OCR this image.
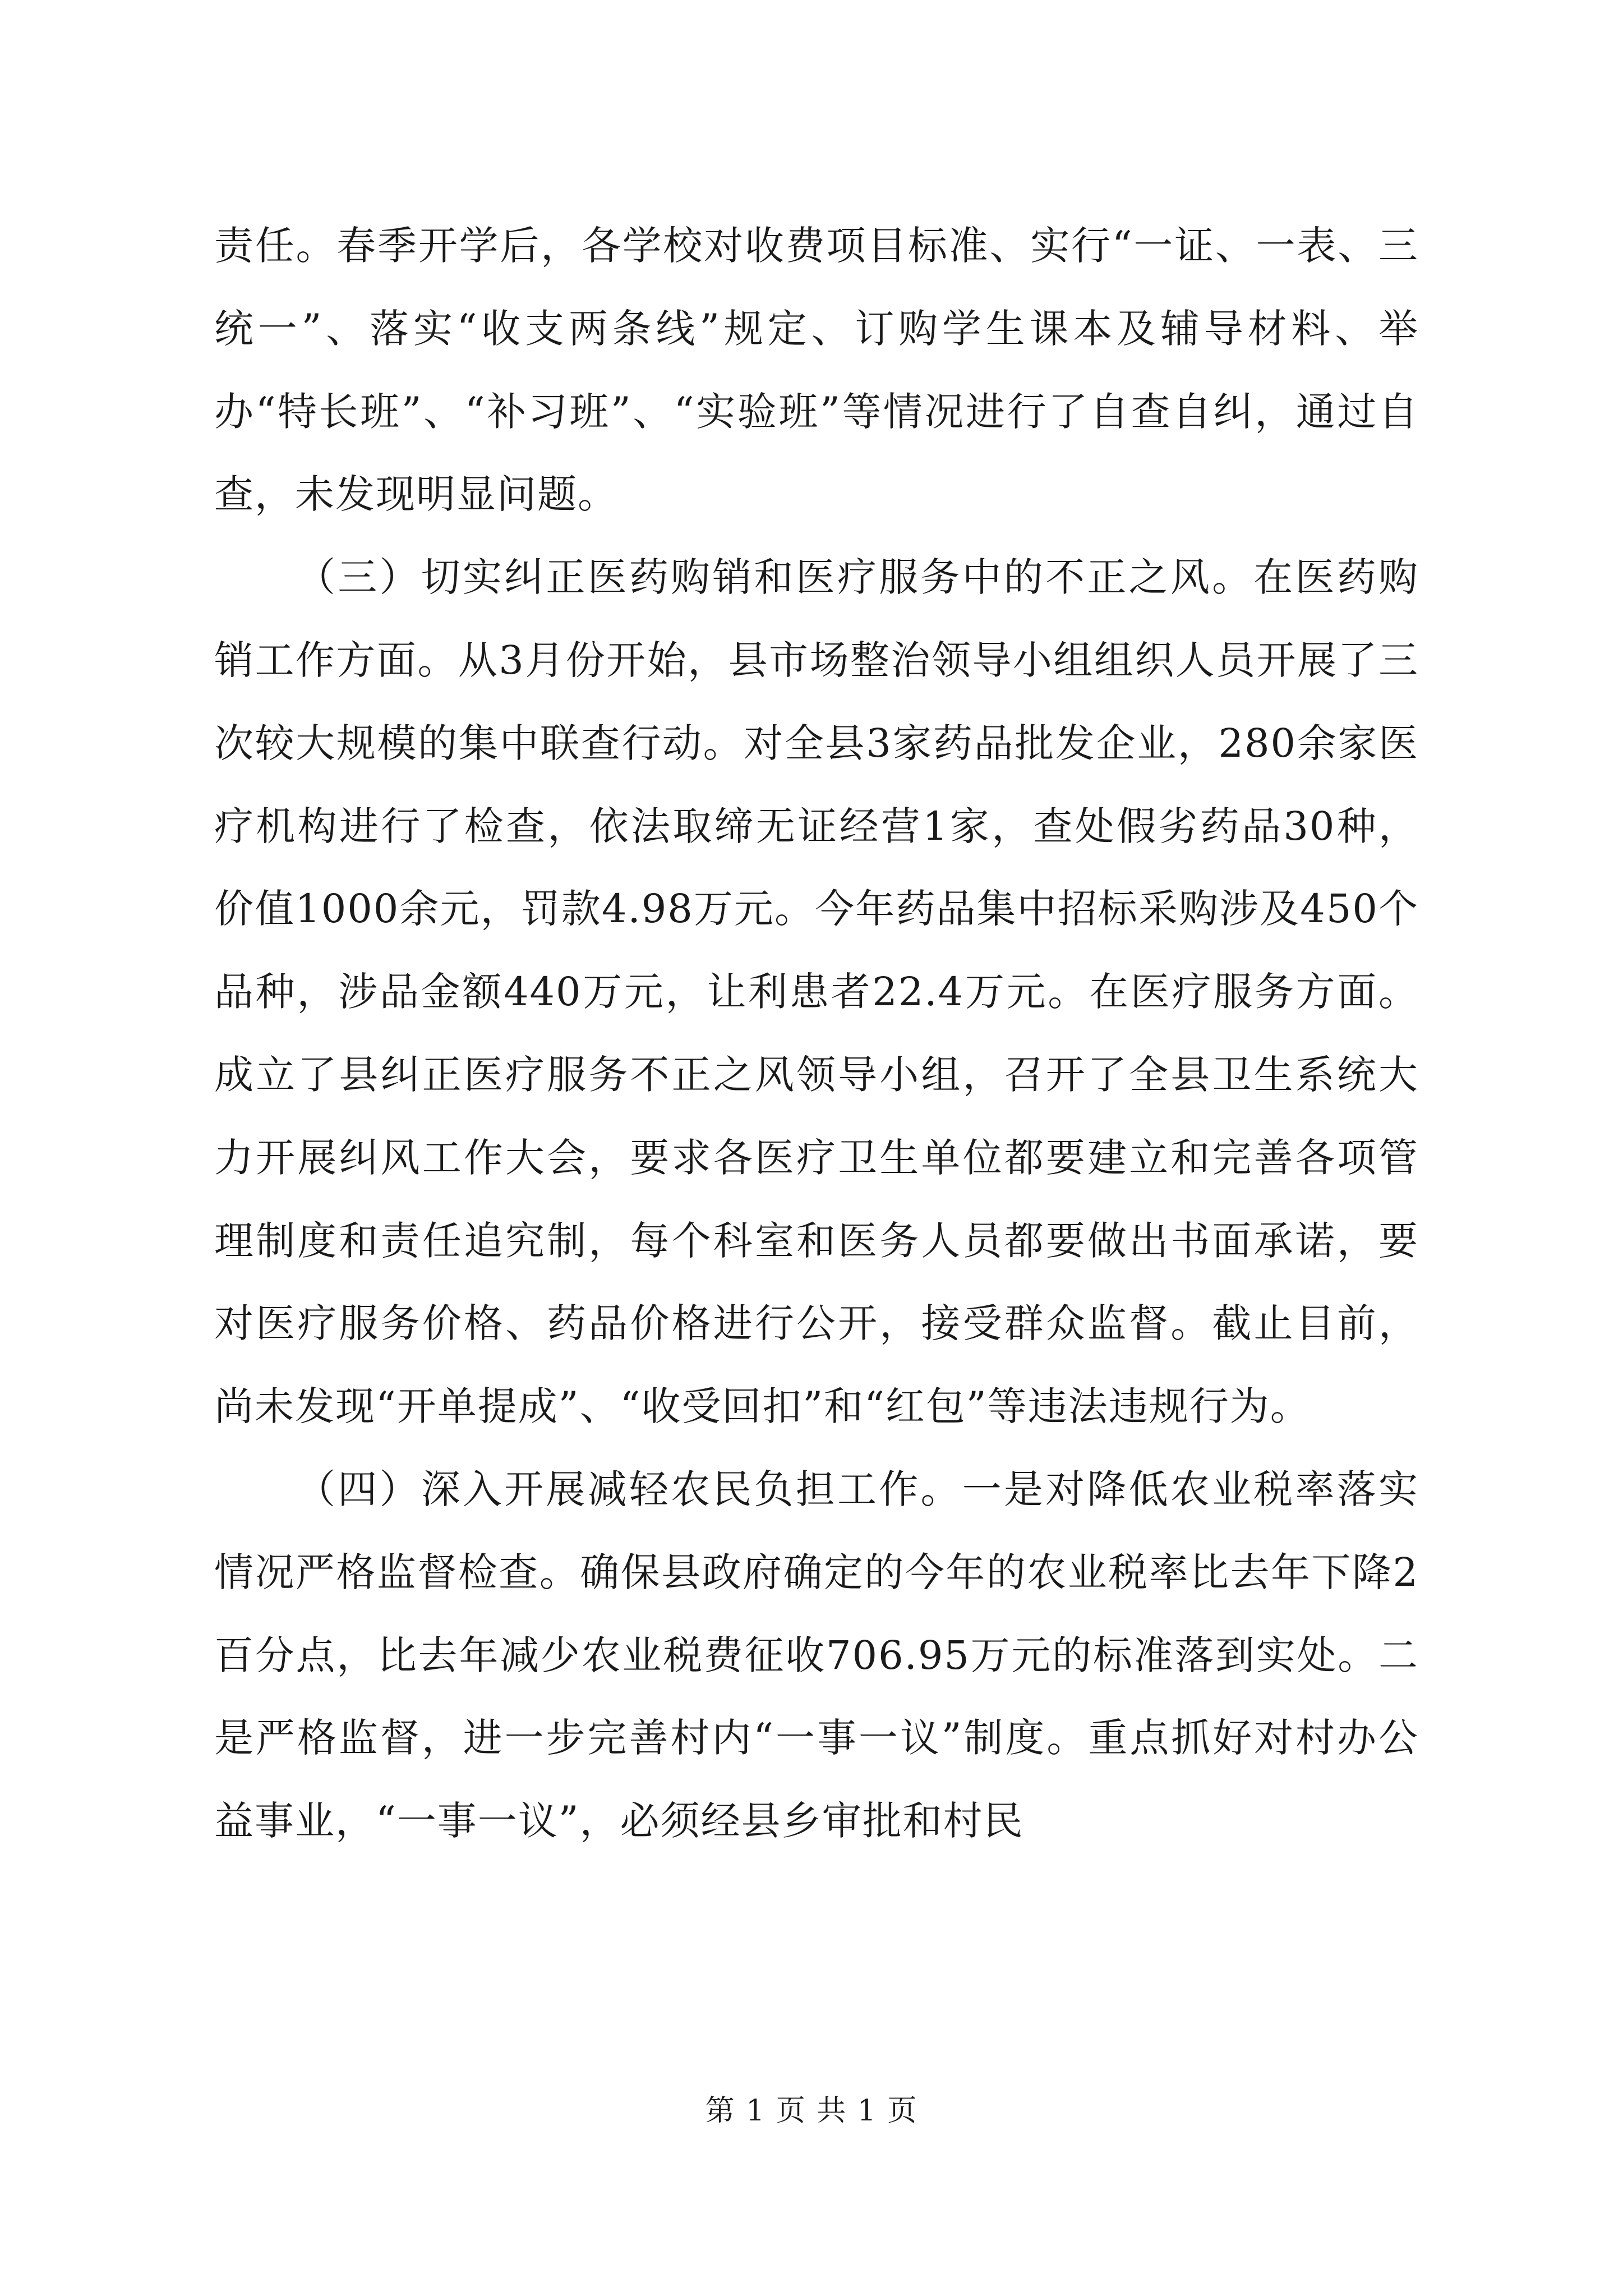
责任。春季开学后，各学校对收费项目标准、实行“一证、一表、三统一”、落实“收支两条线”规定、订购学生课本及辅导材料、举办“特长班”、“补习班”、“实验班”等情况进行了自查自纠，通过自查，未发现明显问题。

（三）切实纠正医药购销和医疗服务中的不正之风。在医药购销工作方面。从3月份开始，县市场整治领导小组组织人员开展了三次较大规模的集中联查行动。对全县3家药品批发企业，280余家医疗机构进行了检查，依法取缔无证经营1家，查处假劣药品30种，价值1000余元，罚款4.98万元。今年药品集中招标采购涉及450个品种，涉品金额440万元，让利患者22.4万元。在医疗服务方面。成立了县纠正医疗服务不正之风领导小组，召开了全县卫生系统大力开展纠风工作大会，要求各医疗卫生单位都要建立和完善各项管理制度和责任追究制，每个科室和医务人员都要做出书面承诺，要对医疗服务价格、药品价格进行公开，接受群众监督。截止目前，尚未发现“开单提成”、“收受回扣”和“红包”等违法违规行为。

（四）深入开展减轻农民负担工作。一是对降低农业税率落实情况严格监督检查。确保县政府确定的今年的农业税率比去年下降2百分点，比去年减少农业税费征收706.95万元的标准落到实处。二是严格监督，进一步完善村内“一事一议”制度。重点抓好对村办公益事业，“一事一议”，必须经县乡审批和村民

第 1 页 共 1 页
